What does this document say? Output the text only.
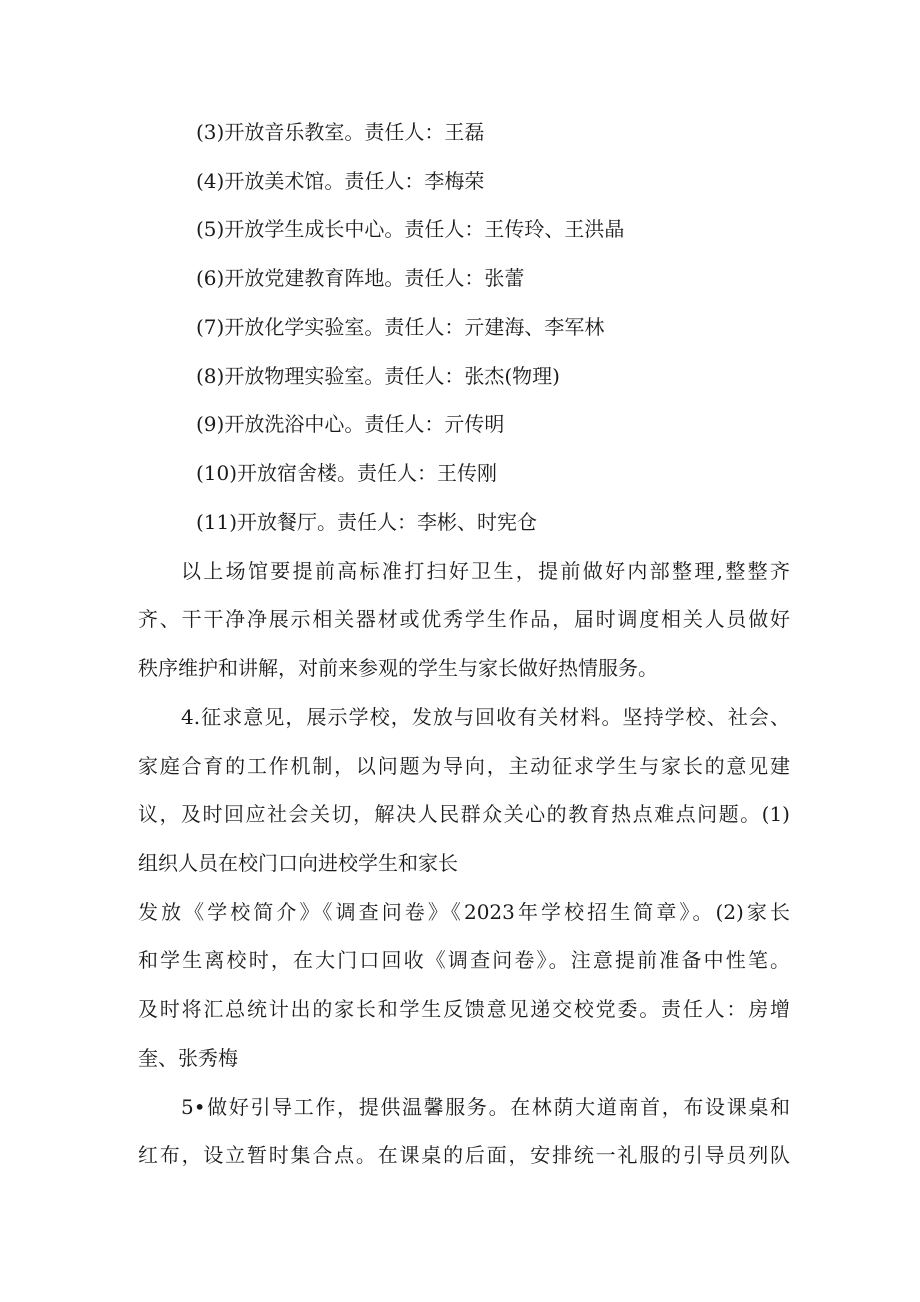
(3)开放音乐教室。责任人：王磊
(4)开放美术馆。责任人：李梅荣
(5)开放学生成长中心。责任人：王传玲、王洪晶
(6)开放党建教育阵地。责任人：张蕾
(7)开放化学实验室。责任人：亓建海、李军林
(8)开放物理实验室。责任人：张杰(物理)
(9)开放洗浴中心。责任人：亓传明
(10)开放宿舍楼。责任人：王传刚
(11)开放餐厅。责任人：李彬、时宪仓
以上场馆要提前高标准打扫好卫生，提前做好内部整理,整整齐
齐、干干净净展示相关器材或优秀学生作品，届时调度相关人员做好
秩序维护和讲解，对前来参观的学生与家长做好热情服务。
4.征求意见，展示学校，发放与回收有关材料。坚持学校、社会、
家庭合育的工作机制，以问题为导向，主动征求学生与家长的意见建
议，及时回应社会关切，解决人民群众关心的教育热点难点问题。(1)
组织人员在校门口向进校学生和家长
发放《学校简介》《调查问卷》《2023年学校招生简章》。(2)家长
和学生离校时，在大门口回收《调查问卷》。注意提前准备中性笔。
及时将汇总统计出的家长和学生反馈意见递交校党委。责任人：房增
奎、张秀梅
5•做好引导工作，提供温馨服务。在林荫大道南首，布设课桌和
红布，设立暂时集合点。在课桌的后面，安排统一礼服的引导员列队
